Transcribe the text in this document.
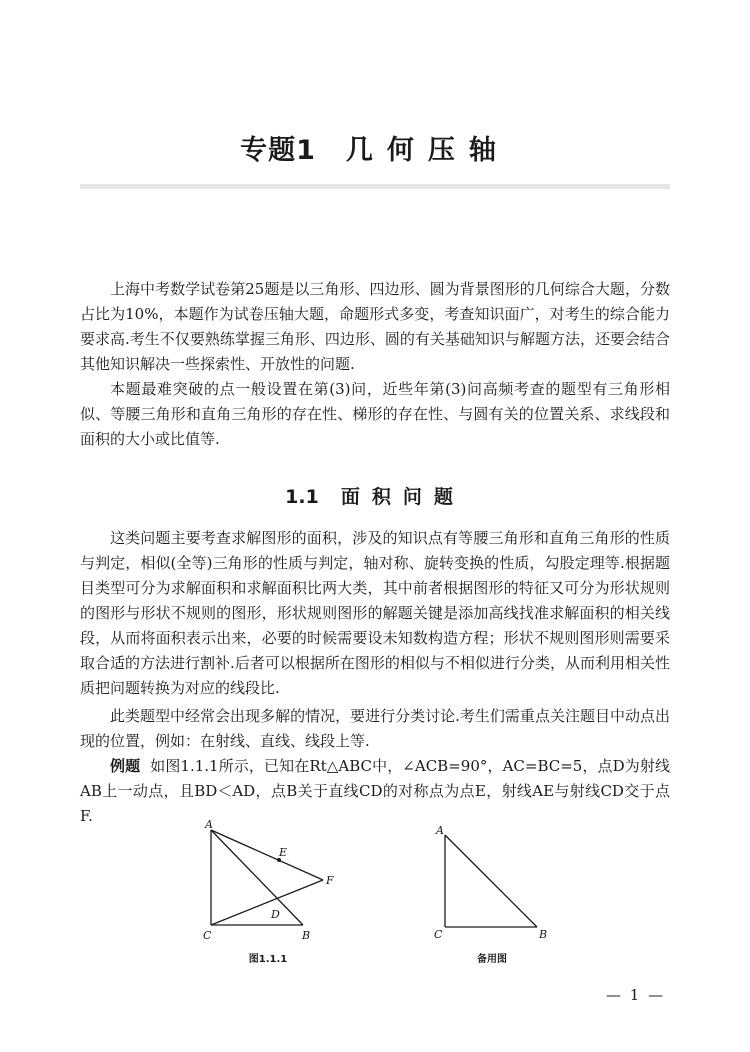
专题1 几何压轴

上海中考数学试卷第25题是以三角形、四边形、圆为背景图形的几何综合大题，分数占比为10%，本题作为试卷压轴大题，命题形式多变，考查知识面广，对考生的综合能力要求高.考生不仅要熟练掌握三角形、四边形、圆的有关基础知识与解题方法，还要会结合其他知识解决一些探索性、开放性的问题.

本题最难突破的点一般设置在第(3)问，近些年第(3)问高频考查的题型有三角形相似、等腰三角形和直角三角形的存在性、梯形的存在性、与圆有关的位置关系、求线段和面积的大小或比值等.

1.1 面积问题

这类问题主要考查求解图形的面积，涉及的知识点有等腰三角形和直角三角形的性质与判定，相似(全等)三角形的性质与判定，轴对称、旋转变换的性质，勾股定理等.根据题目类型可分为求解面积和求解面积比两大类，其中前者根据图形的特征又可分为形状规则的图形与形状不规则的图形，形状规则图形的解题关键是添加高线找准求解面积的相关线段，从而将面积表示出来，必要的时候需要设未知数构造方程；形状不规则图形则需要采取合适的方法进行割补.后者可以根据所在图形的相似与不相似进行分类，从而利用相关性质把问题转换为对应的线段比.

此类题型中经常会出现多解的情况，要进行分类讨论.考生们需重点关注题目中动点出现的位置，例如：在射线、直线、线段上等.

例题 如图1.1.1所示，已知在Rt△ABC中，∠ACB=90°，AC=BC=5，点D为射线AB上一动点，且BD＜AD，点B关于直线CD的对称点为点E，射线AE与射线CD交于点F.	A
C	B
D
E
F
图1.1.1
A
C	B
备用图
— 1 —
